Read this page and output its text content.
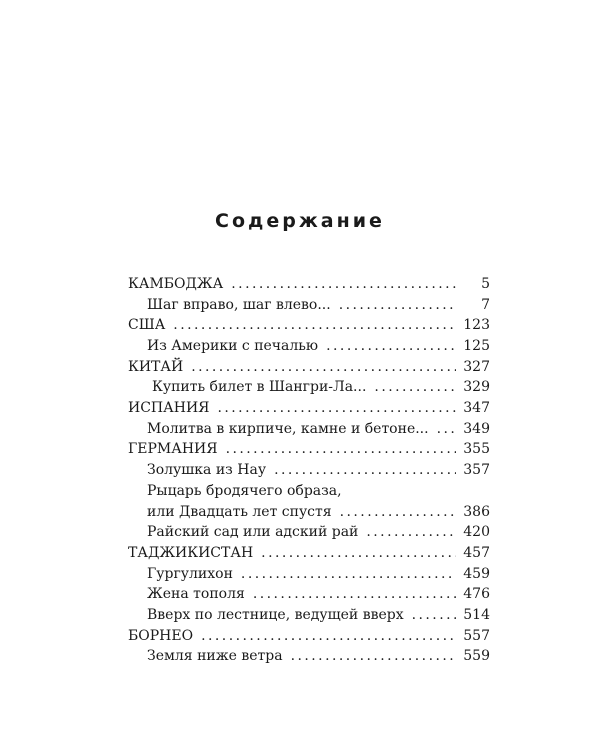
Содержание
КАМБОДЖА . . .	5
Шаг вправо, шаг влево... . . .	7
США . . .	123
Из Америки с печалью . . .	125
КИТАЙ . . .	327
Купить билет в Шангри-Ла... . . .	329
ИСПАНИЯ . . .	347
Молитва в кирпиче, камне и бетоне... . . . 349
ГЕРМАНИЯ . . .	355
Золушка из Нау . . .	357
Рыцарь бродячего образа,
или Двадцать лет спустя . . .	386
Райский сад или адский рай . . .	420
ТАДЖИКИСТАН . . .	457
Гургулихон . . .	459
Жена тополя . . .	476
Вверх по лестнице, ведущей вверх . . .	514
БОРНЕО . . .	557
Земля ниже ветра . . .	559
